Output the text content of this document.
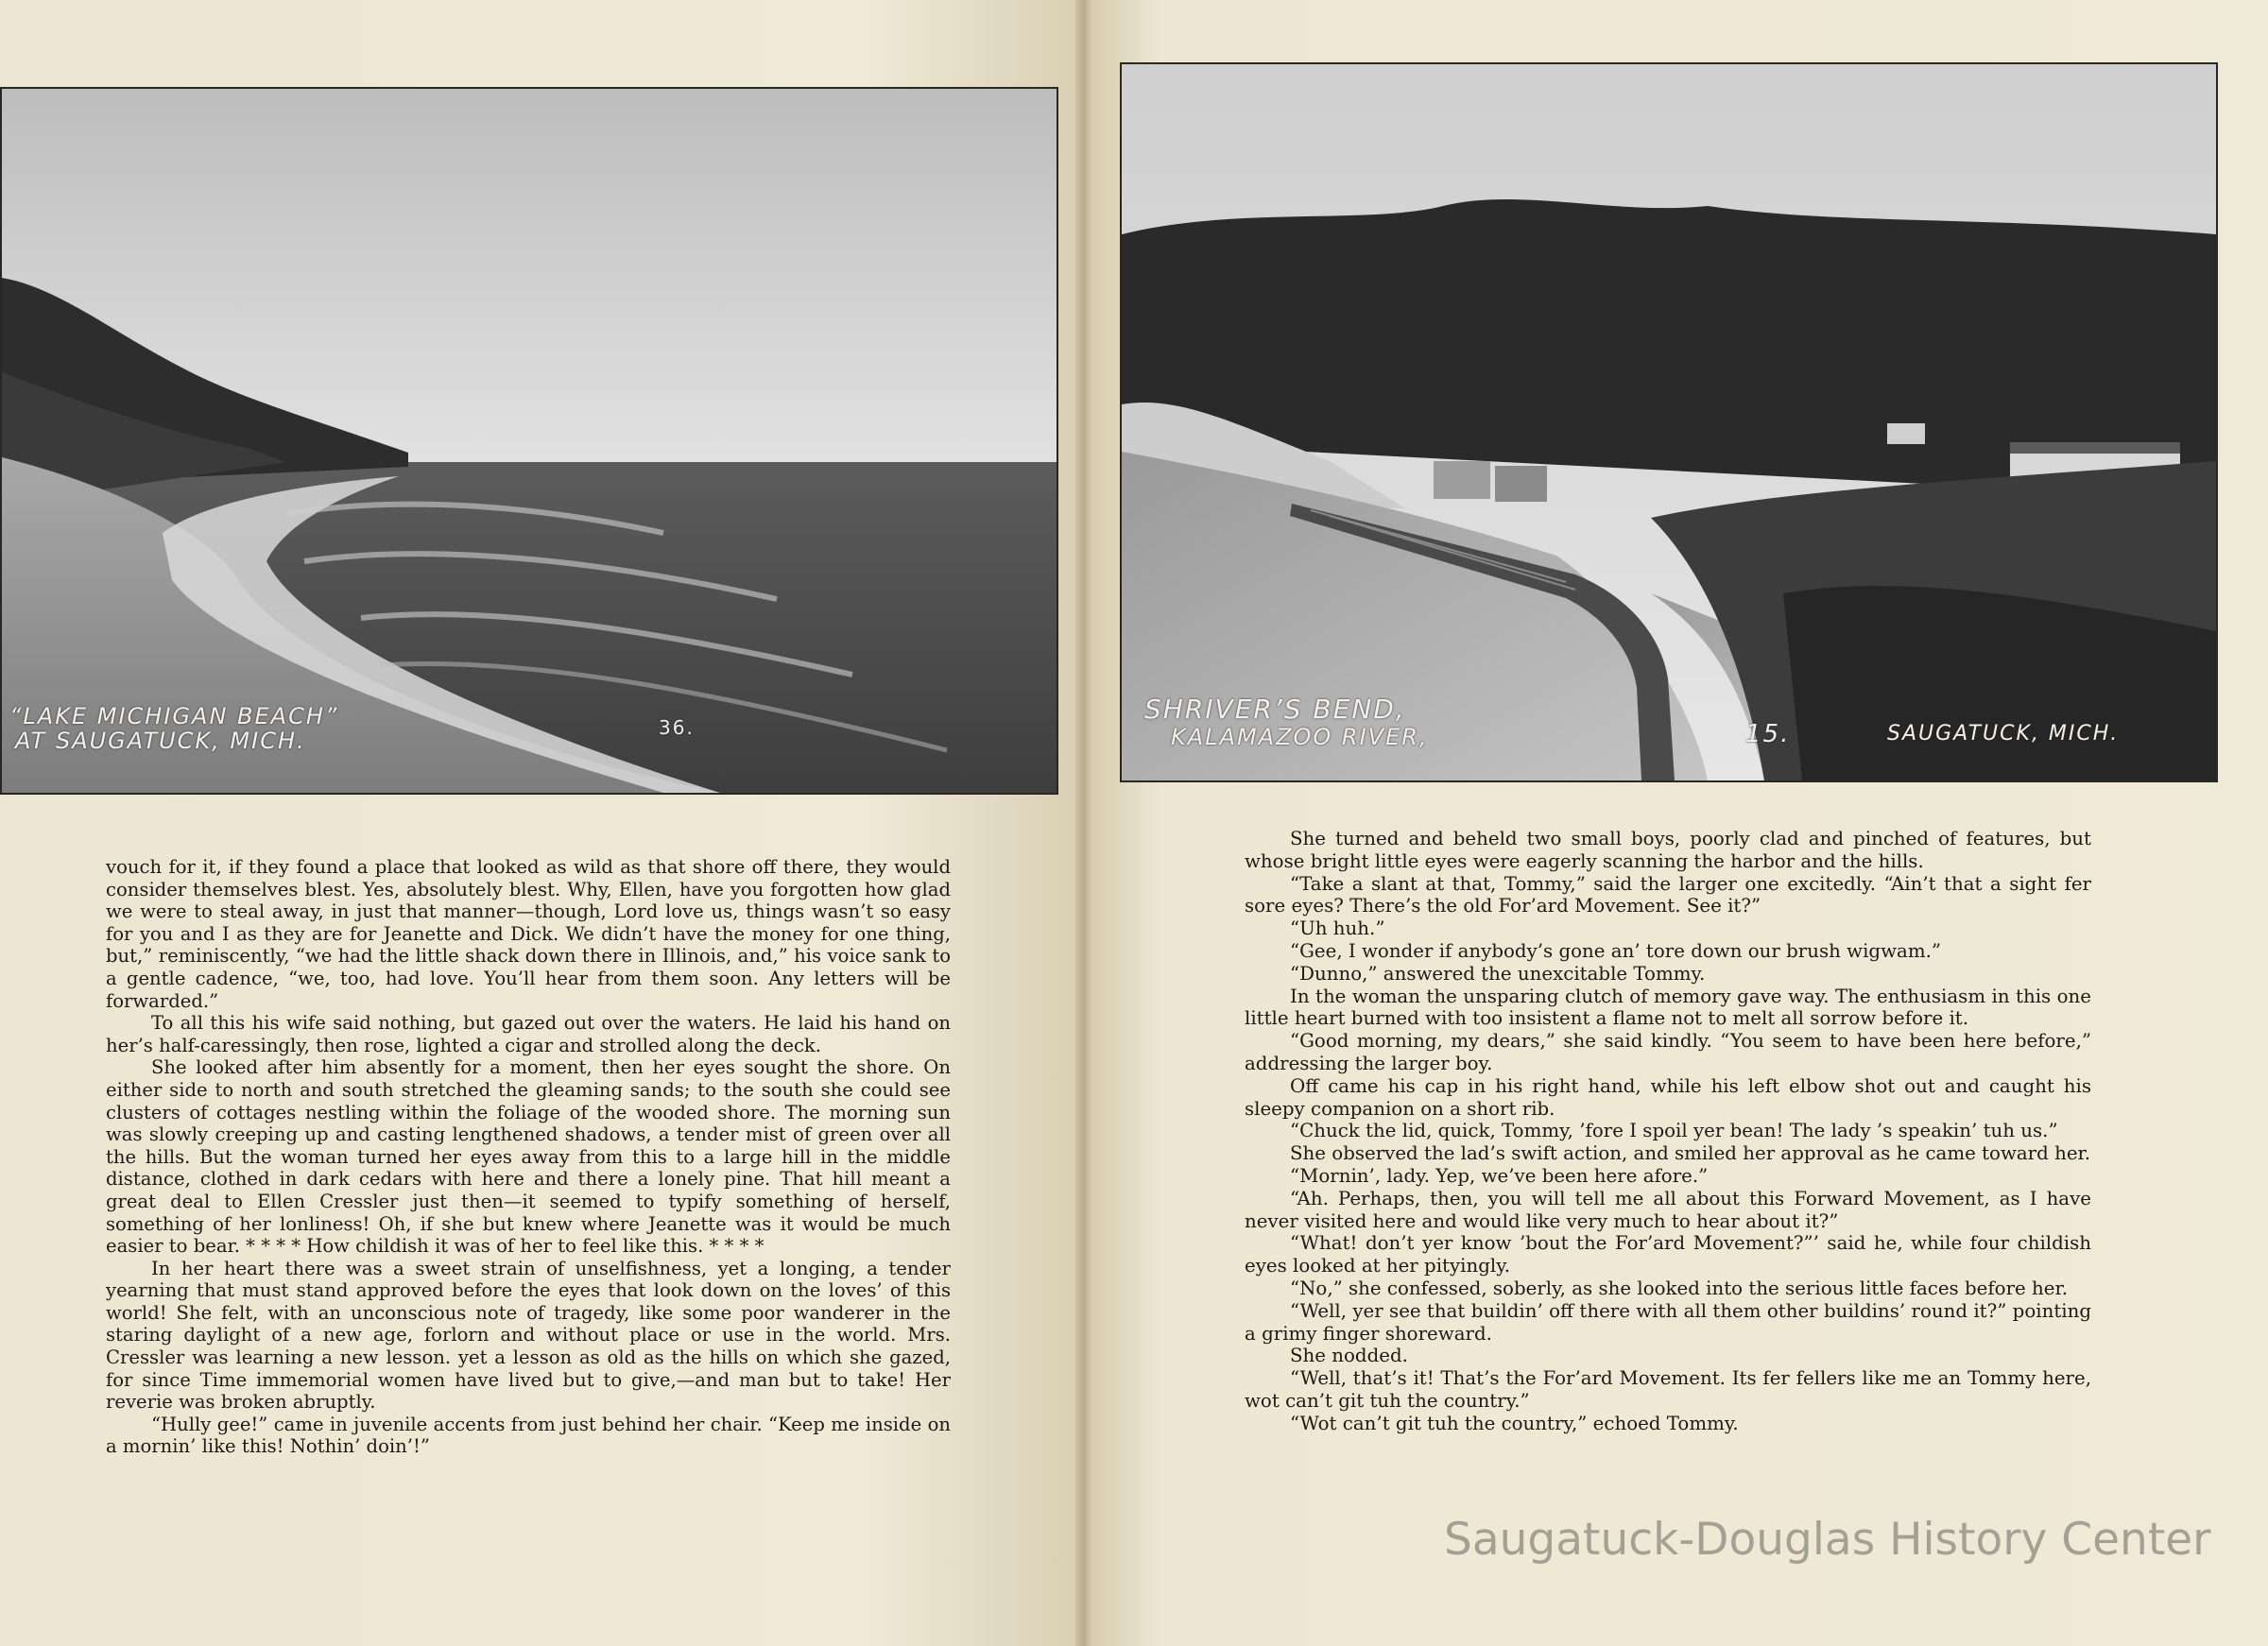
“LAKE MICHIGAN BEACH”
AT SAUGATUCK, MICH.	36.

vouch for it, if they found a place that looked as wild as that shore off there, they would consider themselves blest. Yes, absolutely blest. Why, Ellen, have you forgotten how glad we were to steal away, in just that manner—though, Lord love us, things wasn’t so easy for you and I as they are for Jeanette and Dick. We didn’t have the money for one thing, but,” reminiscently, “we had the little shack down there in Illinois, and,” his voice sank to a gentle cadence, “we, too, had love. You’ll hear from them soon. Any letters will be forwarded.”

To all this his wife said nothing, but gazed out over the waters. He laid his hand on her’s half-caressingly, then rose, lighted a cigar and strolled along the deck.

She looked after him absently for a moment, then her eyes sought the shore. On either side to north and south stretched the gleaming sands; to the south she could see clusters of cottages nestling within the foliage of the wooded shore. The morning sun was slowly creeping up and casting lengthened shadows, a tender mist of green over all the hills. But the woman turned her eyes away from this to a large hill in the middle distance, clothed in dark cedars with here and there a lonely pine. That hill meant a great deal to Ellen Cressler just then—it seemed to typify something of herself, something of her lonliness! Oh, if she but knew where Jeanette was it would be much easier to bear. * * * * How childish it was of her to feel like this. * * * *

In her heart there was a sweet strain of unselfishness, yet a longing, a tender yearning that must stand approved before the eyes that look down on the loves’ of this world! She felt, with an unconscious note of tragedy, like some poor wanderer in the staring daylight of a new age, forlorn and without place or use in the world. Mrs. Cressler was learning a new lesson. yet a lesson as old as the hills on which she gazed, for since Time immemorial women have lived but to give,—and man but to take! Her reverie was broken abruptly.

“Hully gee!” came in juvenile accents from just behind her chair. “Keep me inside on a mornin’ like this! Nothin’ doin’!”

SHRIVER’S BEND,
KALAMAZOO RIVER,	15.	SAUGATUCK, MICH.

She turned and beheld two small boys, poorly clad and pinched of features, but whose bright little eyes were eagerly scanning the harbor and the hills.

“Take a slant at that, Tommy,” said the larger one excitedly. “Ain’t that a sight fer sore eyes? There’s the old For’ard Movement. See it?”

“Uh huh.”

“Gee, I wonder if anybody’s gone an’ tore down our brush wigwam.”

“Dunno,” answered the unexcitable Tommy.

In the woman the unsparing clutch of memory gave way. The enthusiasm in this one little heart burned with too insistent a flame not to melt all sorrow before it.

“Good morning, my dears,” she said kindly. “You seem to have been here before,” addressing the larger boy.

Off came his cap in his right hand, while his left elbow shot out and caught his sleepy companion on a short rib.

“Chuck the lid, quick, Tommy, ’fore I spoil yer bean! The lady ’s speakin’ tuh us.”

She observed the lad’s swift action, and smiled her approval as he came toward her.

“Mornin’, lady. Yep, we’ve been here afore.”

“Ah. Perhaps, then, you will tell me all about this Forward Movement, as I have never visited here and would like very much to hear about it?”

“What! don’t yer know ’bout the For’ard Movement?”’ said he, while four childish eyes looked at her pityingly.

“No,” she confessed, soberly, as she looked into the serious little faces before her.

“Well, yer see that buildin’ off there with all them other buildins’ round it?” pointing a grimy finger shoreward.

She nodded.

“Well, that’s it! That’s the For’ard Movement. Its fer fellers like me an Tommy here, wot can’t git tuh the country.”

“Wot can’t git tuh the country,” echoed Tommy.

Saugatuck-Douglas History Center
